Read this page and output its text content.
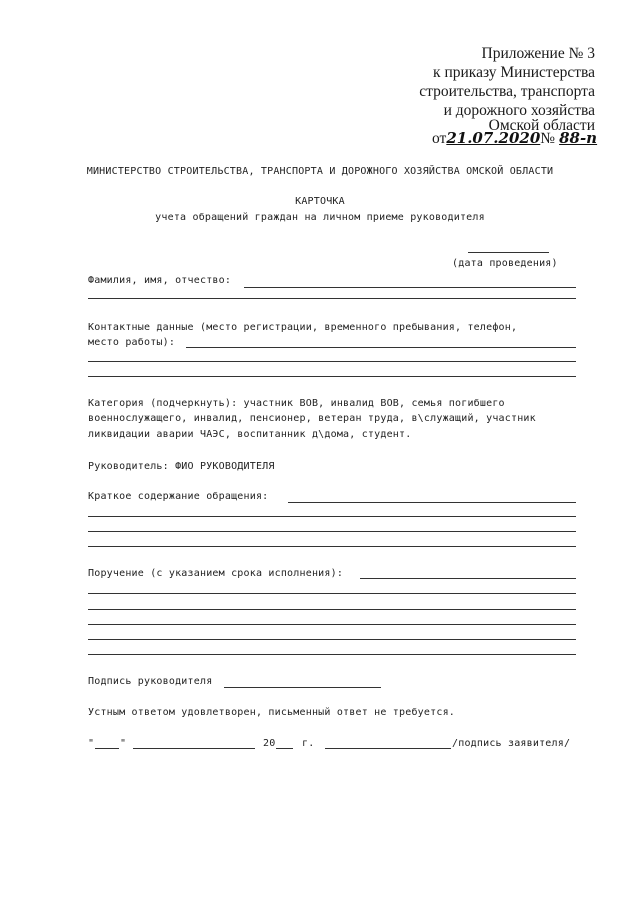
Приложение № 3
к приказу Министерства
строительства, транспорта
и дорожного хозяйства
Омской области
от21.07.2020№ 88-п
МИНИСТЕРСТВО СТРОИТЕЛЬСТВА, ТРАНСПОРТА И ДОРОЖНОГО ХОЗЯЙСТВА ОМСКОЙ ОБЛАСТИ
КАРТОЧКА
учета обращений граждан на личном приеме руководителя
(дата проведения)
Фамилия, имя, отчество:
Контактные данные (место регистрации, временного пребывания, телефон,
место работы):
Категория (подчеркнуть): участник ВОВ, инвалид ВОВ, семья погибшего
военнослужащего, инвалид, пенсионер, ветеран труда, в\служащий, участник
ликвидации аварии ЧАЭС, воспитанник д\дома, студент.
Руководитель: ФИО РУКОВОДИТЕЛЯ
Краткое содержание обращения:
Поручение (с указанием срока исполнения):
Подпись руководителя
Устным ответом удовлетворен, письменный ответ не требуется.
"	"	20	г.	/подпись заявителя/
